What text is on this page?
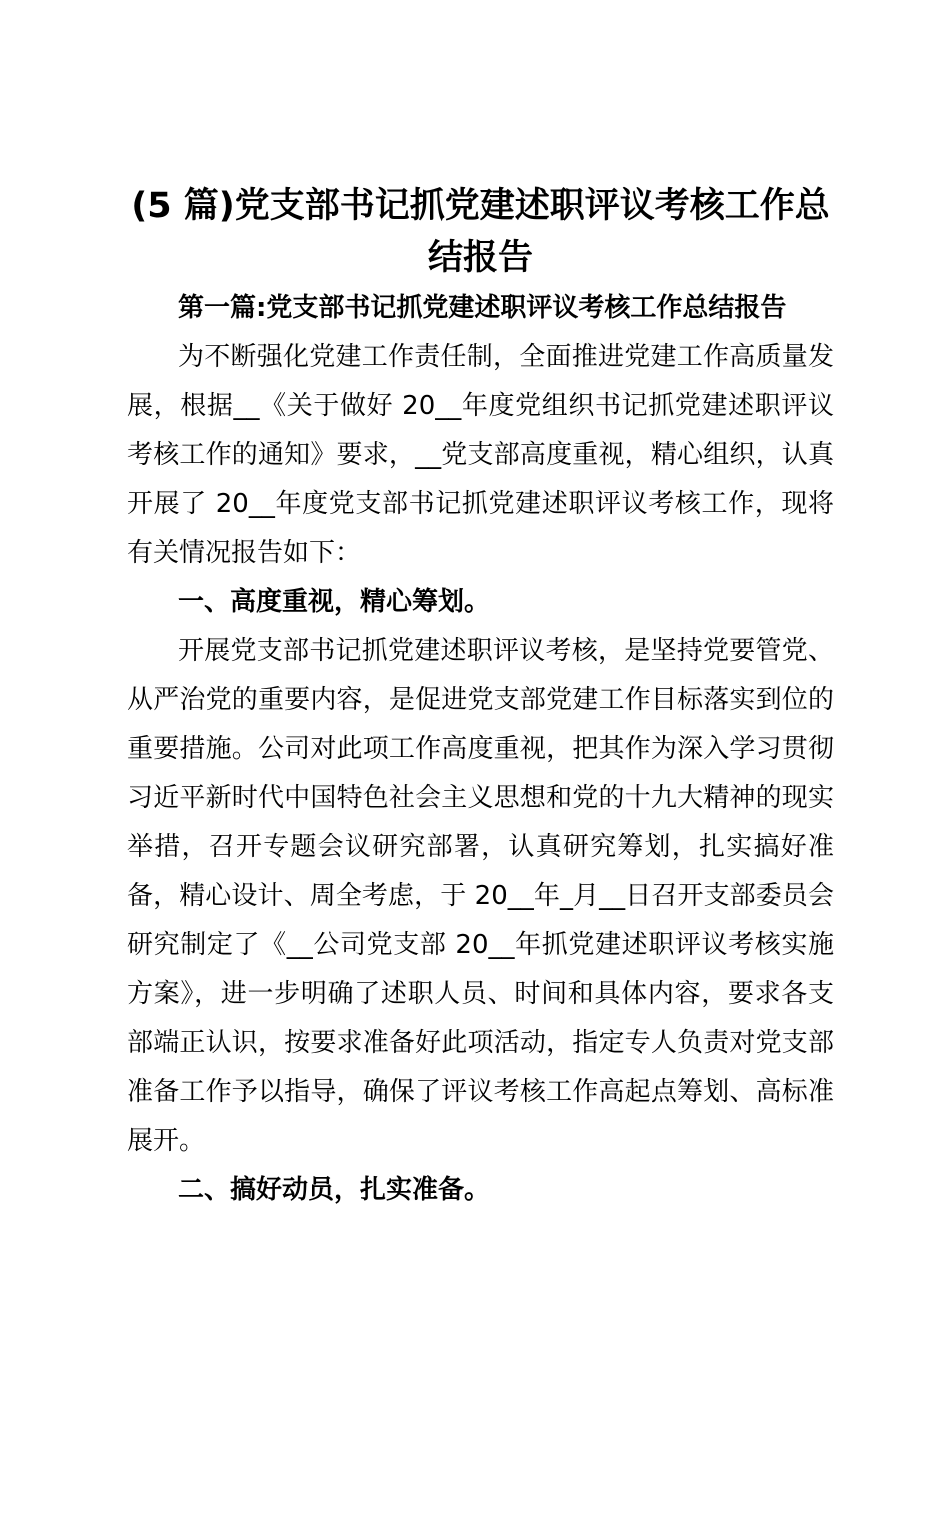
(5 篇)党支部书记抓党建述职评议考核工作总结报告

第一篇:党支部书记抓党建述职评议考核工作总结报告

为不断强化党建工作责任制，全面推进党建工作高质量发展，根据__《关于做好 20__年度党组织书记抓党建述职评议考核工作的通知》要求，__党支部高度重视，精心组织，认真开展了 20__年度党支部书记抓党建述职评议考核工作，现将有关情况报告如下：

一、高度重视，精心筹划。

开展党支部书记抓党建述职评议考核，是坚持党要管党、从严治党的重要内容，是促进党支部党建工作目标落实到位的重要措施。公司对此项工作高度重视，把其作为深入学习贯彻习近平新时代中国特色社会主义思想和党的十九大精神的现实举措，召开专题会议研究部署，认真研究筹划，扎实搞好准备，精心设计、周全考虑，于 20__年_月__日召开支部委员会研究制定了《__公司党支部 20__年抓党建述职评议考核实施方案》，进一步明确了述职人员、时间和具体内容，要求各支部端正认识，按要求准备好此项活动，指定专人负责对党支部准备工作予以指导，确保了评议考核工作高起点筹划、高标准展开。

二、搞好动员，扎实准备。
